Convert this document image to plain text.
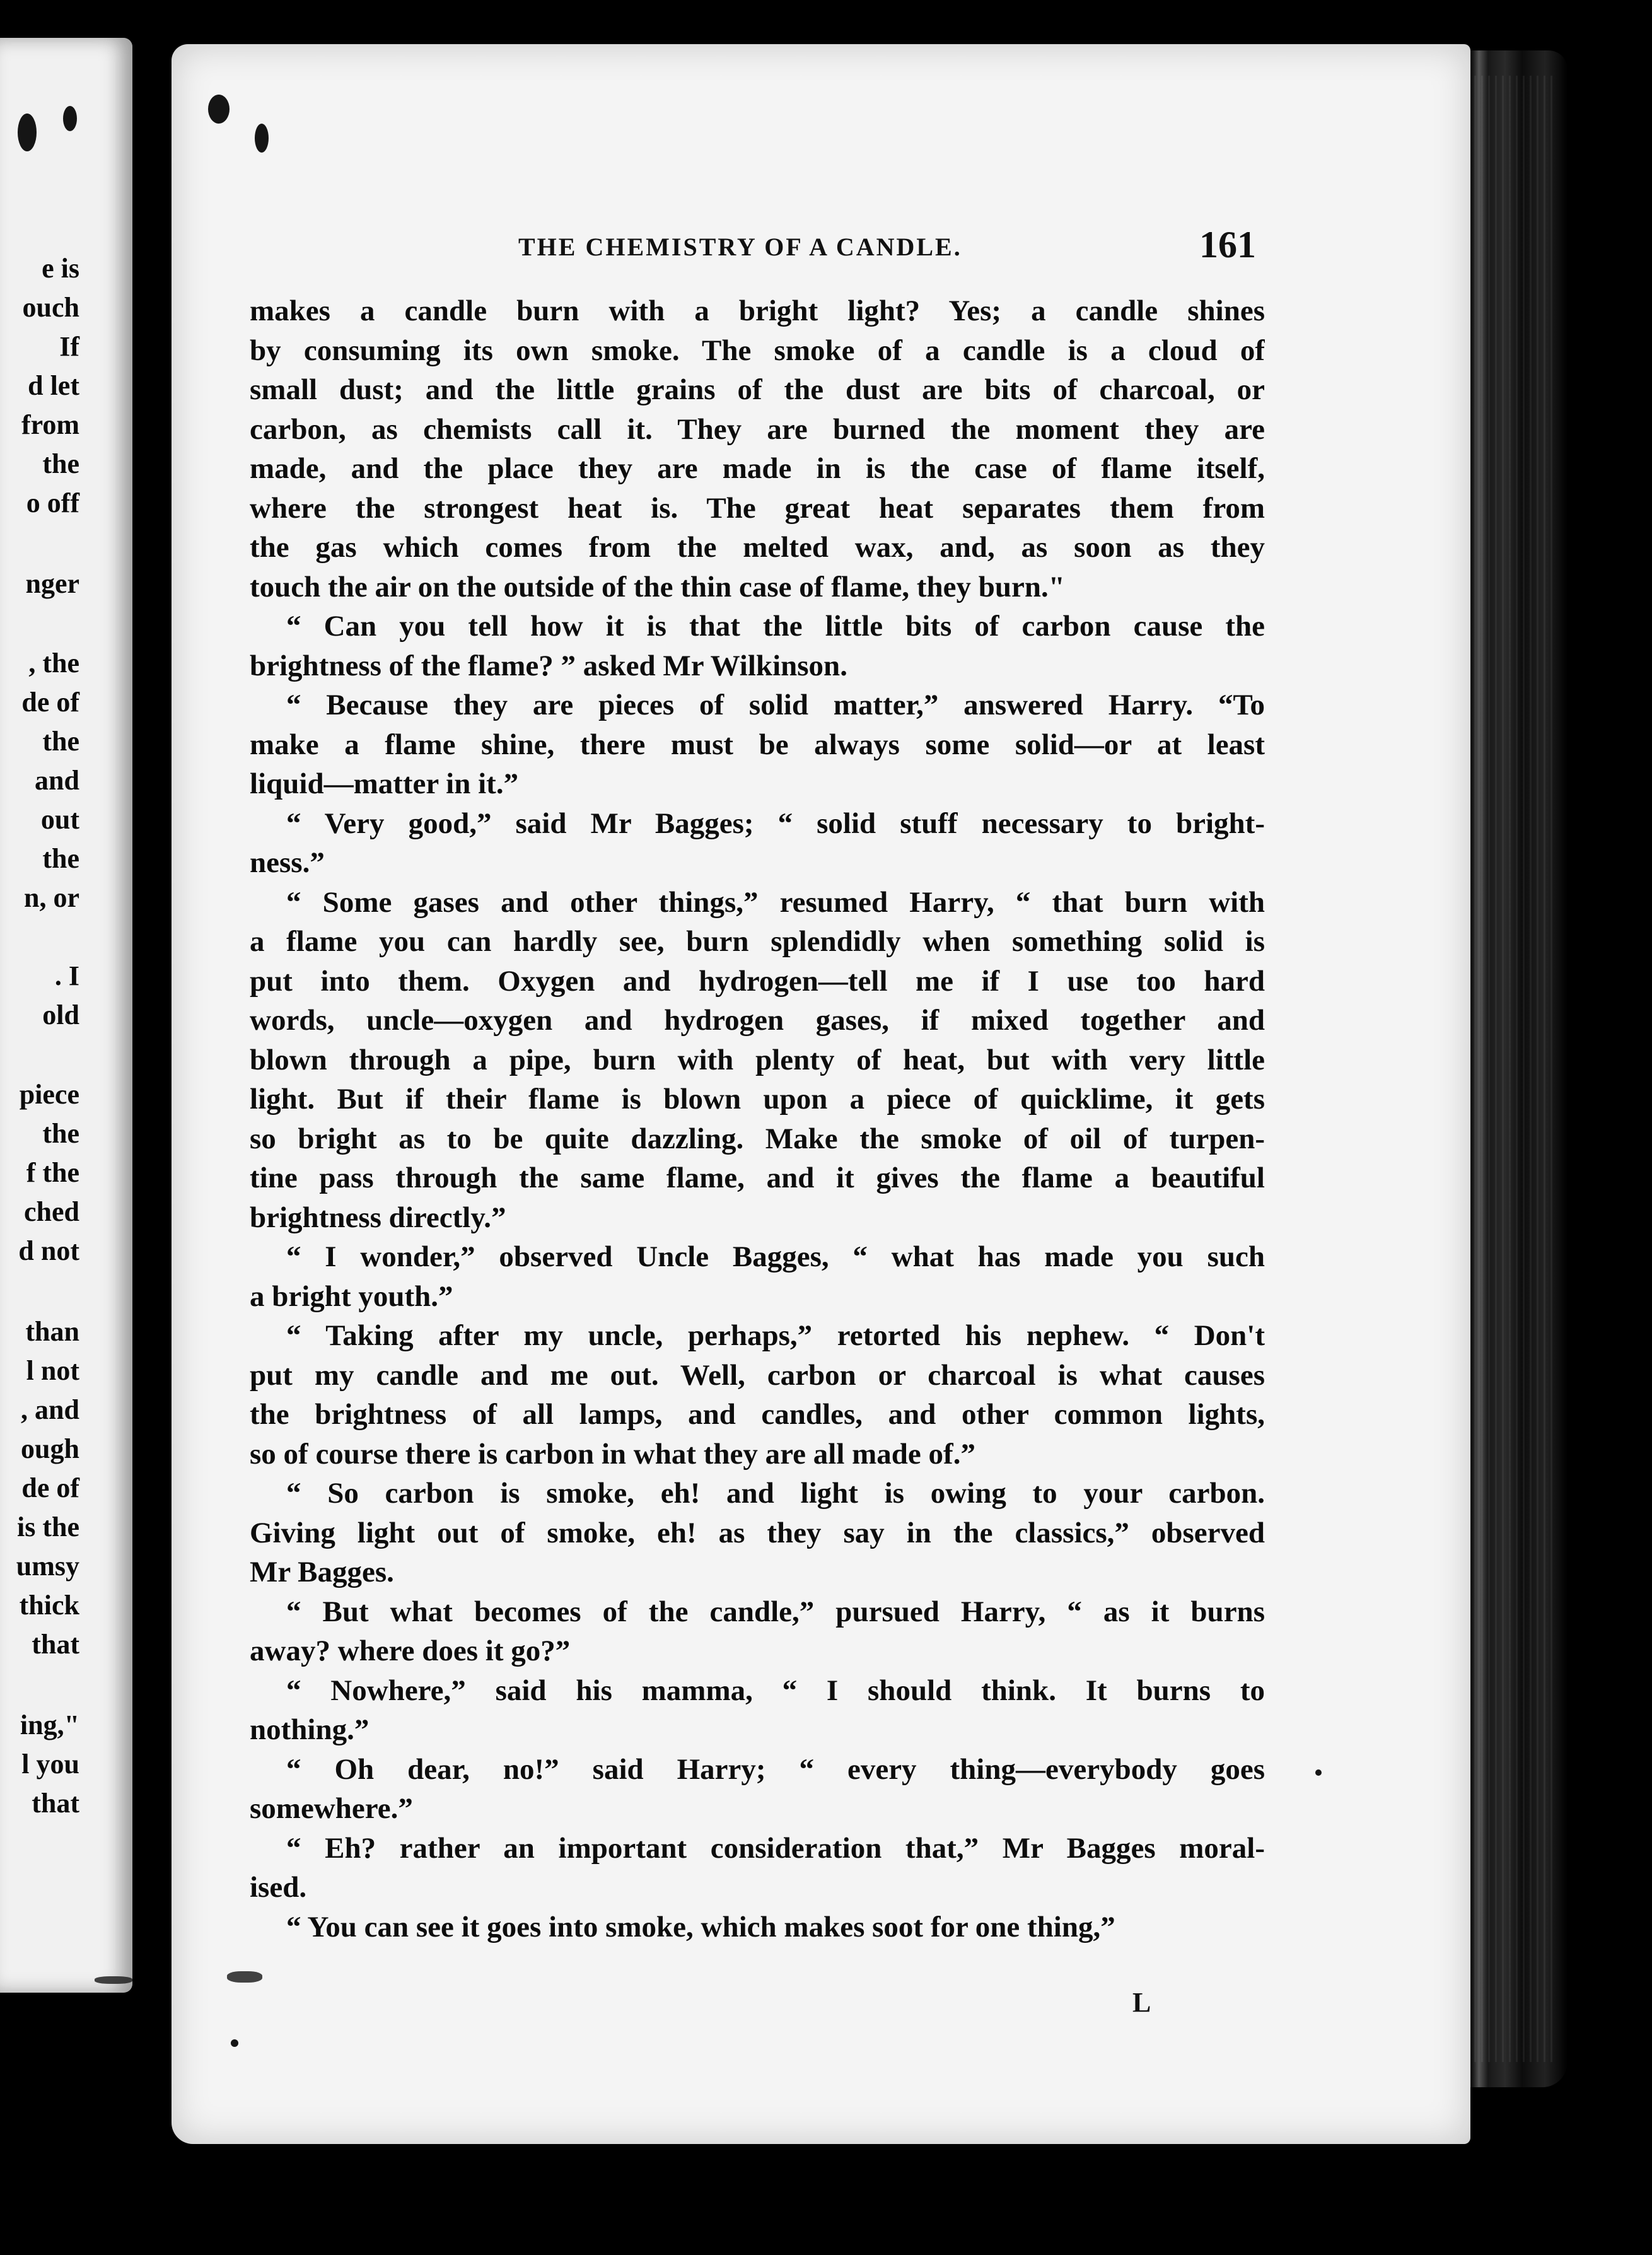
e is
ouch
If
d let
from
the
o off
nger
, the
de of
the
and
out
the
n, or
. I
old
piece
the
f the
ched
d not
than
l not
, and
ough
de of
is the
umsy
thick
that
ing,"
l you
that
THE CHEMISTRY OF A CANDLE.	161
makes a candle burn with a bright light? Yes; a candle shines
by consuming its own smoke. The smoke of a candle is a cloud of
small dust; and the little grains of the dust are bits of charcoal, or
carbon, as chemists call it. They are burned the moment they are
made, and the place they are made in is the case of flame itself,
where the strongest heat is. The great heat separates them from
the gas which comes from the melted wax, and, as soon as they
touch the air on the outside of the thin case of flame, they burn."
“ Can you tell how it is that the little bits of carbon cause the
brightness of the flame? ” asked Mr Wilkinson.
“ Because they are pieces of solid matter,” answered Harry. “To
make a flame shine, there must be always some solid—or at least
liquid—matter in it.”
“ Very good,” said Mr Bagges; “ solid stuff necessary to bright-
ness.”
“ Some gases and other things,” resumed Harry, “ that burn with
a flame you can hardly see, burn splendidly when something solid is
put into them. Oxygen and hydrogen—tell me if I use too hard
words, uncle—oxygen and hydrogen gases, if mixed together and
blown through a pipe, burn with plenty of heat, but with very little
light. But if their flame is blown upon a piece of quicklime, it gets
so bright as to be quite dazzling. Make the smoke of oil of turpen-
tine pass through the same flame, and it gives the flame a beautiful
brightness directly.”
“ I wonder,” observed Uncle Bagges, “ what has made you such
a bright youth.”
“ Taking after my uncle, perhaps,” retorted his nephew. “ Don't
put my candle and me out. Well, carbon or charcoal is what causes
the brightness of all lamps, and candles, and other common lights,
so of course there is carbon in what they are all made of.”
“ So carbon is smoke, eh! and light is owing to your carbon.
Giving light out of smoke, eh! as they say in the classics,” observed
Mr Bagges.
“ But what becomes of the candle,” pursued Harry, “ as it burns
away? where does it go?”
“ Nowhere,” said his mamma, “ I should think. It burns to
nothing.”
“ Oh dear, no!” said Harry; “ every thing—everybody goes
somewhere.”
“ Eh? rather an important consideration that,” Mr Bagges moral-
ised.
“ You can see it goes into smoke, which makes soot for one thing,”
L
